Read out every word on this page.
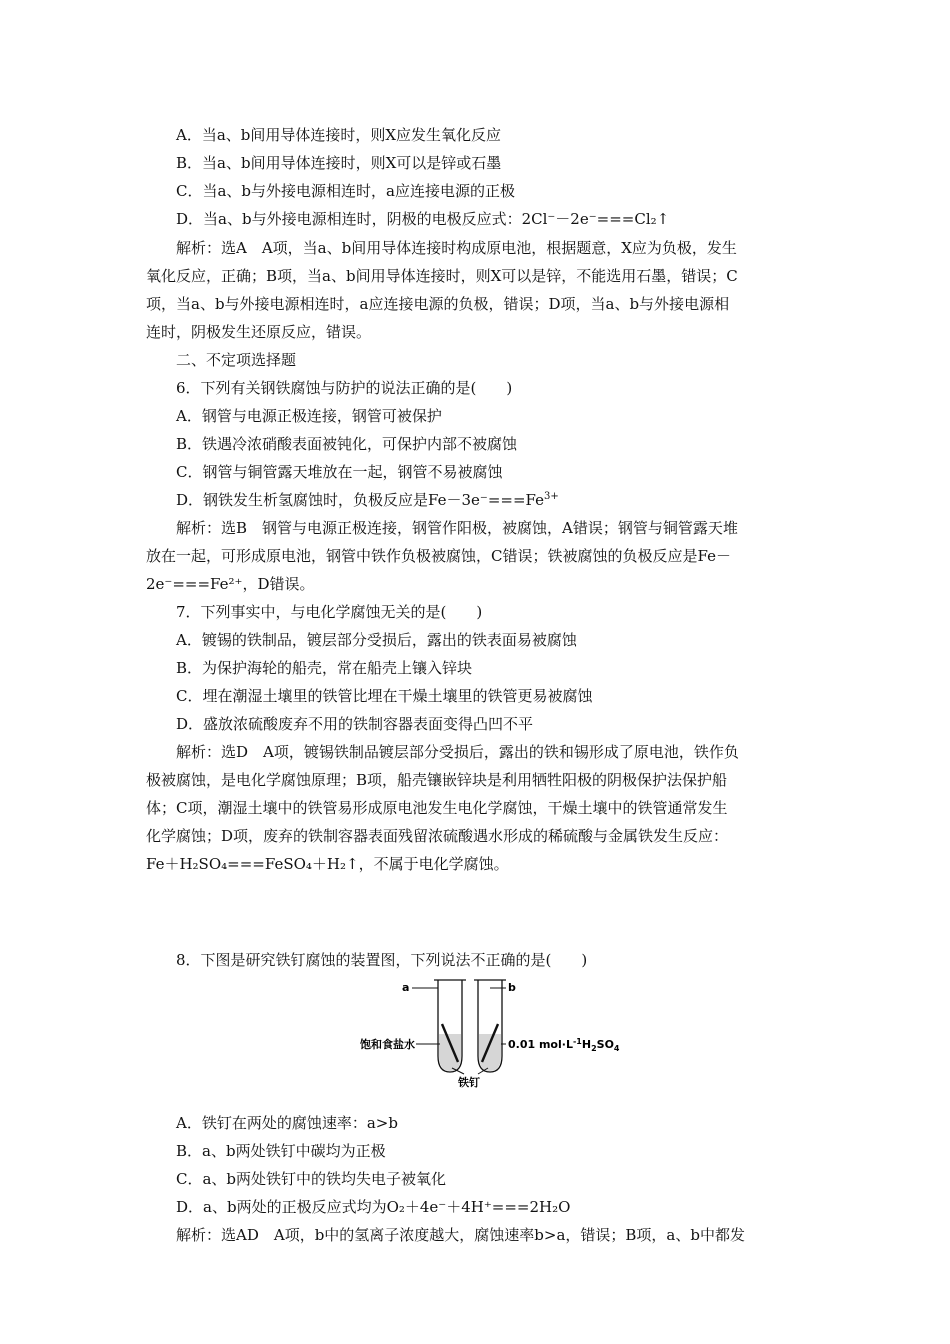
A．当a、b间用导体连接时，则X应发生氧化反应
B．当a、b间用导体连接时，则X可以是锌或石墨
C．当a、b与外接电源相连时，a应连接电源的正极
D．当a、b与外接电源相连时，阴极的电极反应式：2Cl⁻－2e⁻===Cl₂↑
解析：选A　A项，当a、b间用导体连接时构成原电池，根据题意，X应为负极，发生
氧化反应，正确；B项，当a、b间用导体连接时，则X可以是锌，不能选用石墨，错误；C
项，当a、b与外接电源相连时，a应连接电源的负极，错误；D项，当a、b与外接电源相
连时，阴极发生还原反应，错误。
二、不定项选择题
6．下列有关钢铁腐蚀与防护的说法正确的是(　　)
A．钢管与电源正极连接，钢管可被保护
B．铁遇冷浓硝酸表面被钝化，可保护内部不被腐蚀
C．钢管与铜管露天堆放在一起，钢管不易被腐蚀
D．钢铁发生析氢腐蚀时，负极反应是$Fe-3e^-===Fe^{3+}$
解析：选B　钢管与电源正极连接，钢管作阳极，被腐蚀，A错误；钢管与铜管露天堆
放在一起，可形成原电池，钢管中铁作负极被腐蚀，C错误；铁被腐蚀的负极反应是Fe－
2e⁻===Fe²⁺，D错误。
7．下列事实中，与电化学腐蚀无关的是(　　)
A．镀锡的铁制品，镀层部分受损后，露出的铁表面易被腐蚀
B．为保护海轮的船壳，常在船壳上镶入锌块
C．埋在潮湿土壤里的铁管比埋在干燥土壤里的铁管更易被腐蚀
D．盛放浓硫酸废弃不用的铁制容器表面变得凸凹不平
解析：选D　A项，镀锡铁制品镀层部分受损后，露出的铁和锡形成了原电池，铁作负
极被腐蚀，是电化学腐蚀原理；B项，船壳镶嵌锌块是利用牺牲阳极的阴极保护法保护船
体；C项，潮湿土壤中的铁管易形成原电池发生电化学腐蚀，干燥土壤中的铁管通常发生
化学腐蚀；D项，废弃的铁制容器表面残留浓硫酸遇水形成的稀硫酸与金属铁发生反应：
Fe＋H₂SO₄===FeSO₄＋H₂↑，不属于电化学腐蚀。
8．下图是研究铁钉腐蚀的装置图，下列说法不正确的是(　　)
a	b
饱和食盐水	0.01 $mol\cdot L^{-1}H_2SO_4$
铁钉
A．铁钉在两处的腐蚀速率：a>b
B．a、b两处铁钉中碳均为正极
C．a、b两处铁钉中的铁均失电子被氧化
D．a、b两处的正极反应式均为O₂＋4e⁻＋4H⁺===2H₂O
解析：选AD　A项，b中的氢离子浓度越大，腐蚀速率b>a，错误；B项，a、b中都发
